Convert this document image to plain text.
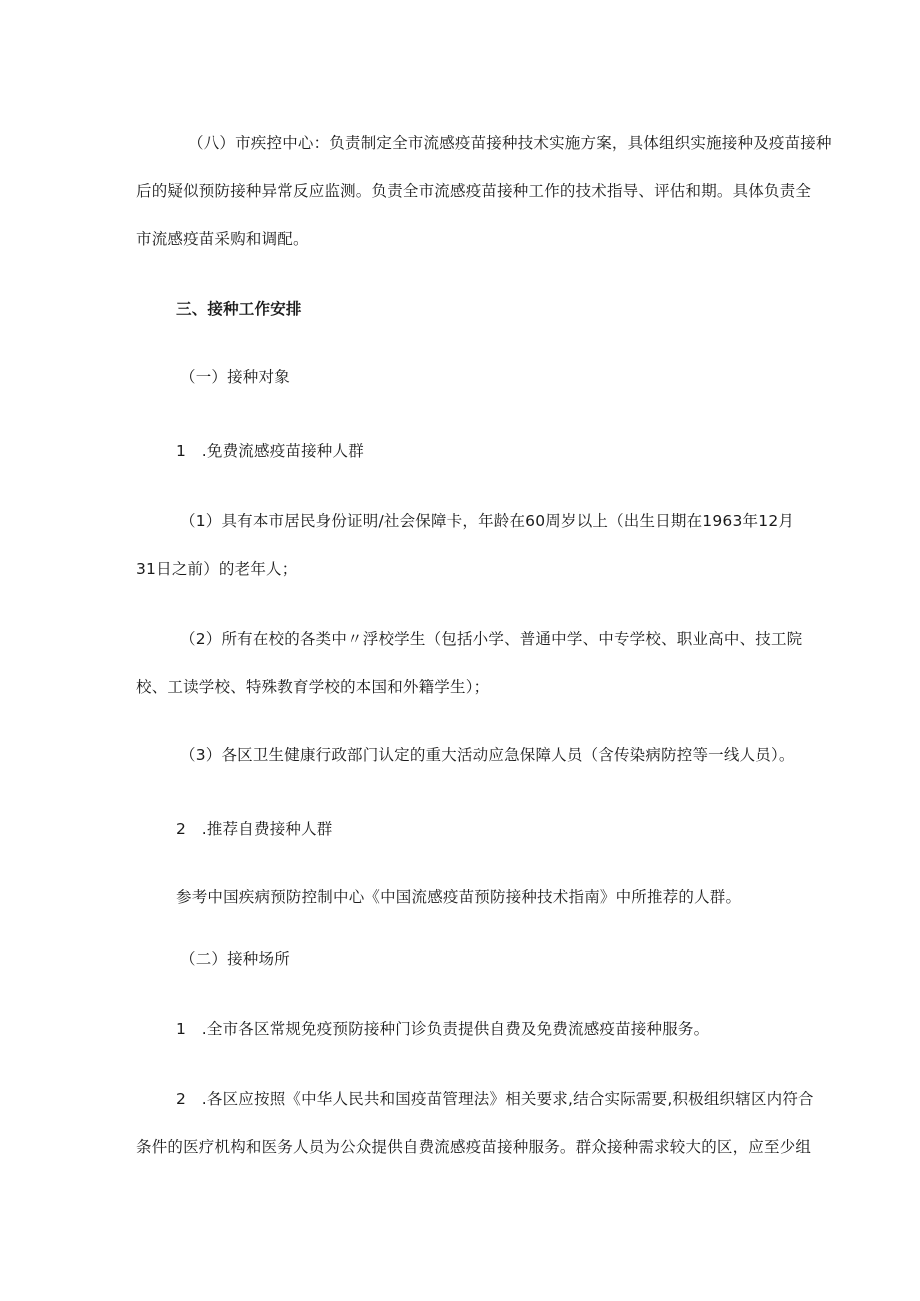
（八）市疾控中心：负责制定全市流感疫苗接种技术实施方案，具体组织实施接种及疫苗接种
后的疑似预防接种异常反应监测。负责全市流感疫苗接种工作的技术指导、评估和期。具体负责全
市流感疫苗采购和调配。
三、接种工作安排
（一）接种对象
1　.免费流感疫苗接种人群
（1）具有本市居民身份证明/社会保障卡，年龄在60周岁以上（出生日期在1963年12月
31日之前）的老年人；
（2）所有在校的各类中〃浮校学生（包括小学、普通中学、中专学校、职业高中、技工院
校、工读学校、特殊教育学校的本国和外籍学生）；
（3）各区卫生健康行政部门认定的重大活动应急保障人员（含传染病防控等一线人员）。
2　.推荐自费接种人群
参考中国疾病预防控制中心《中国流感疫苗预防接种技术指南》中所推荐的人群。
（二）接种场所
1　.全市各区常规免疫预防接种门诊负责提供自费及免费流感疫苗接种服务。
2　.各区应按照《中华人民共和国疫苗管理法》相关要求,结合实际需要,积极组织辖区内符合
条件的医疗机构和医务人员为公众提供自费流感疫苗接种服务。群众接种需求较大的区，应至少组
